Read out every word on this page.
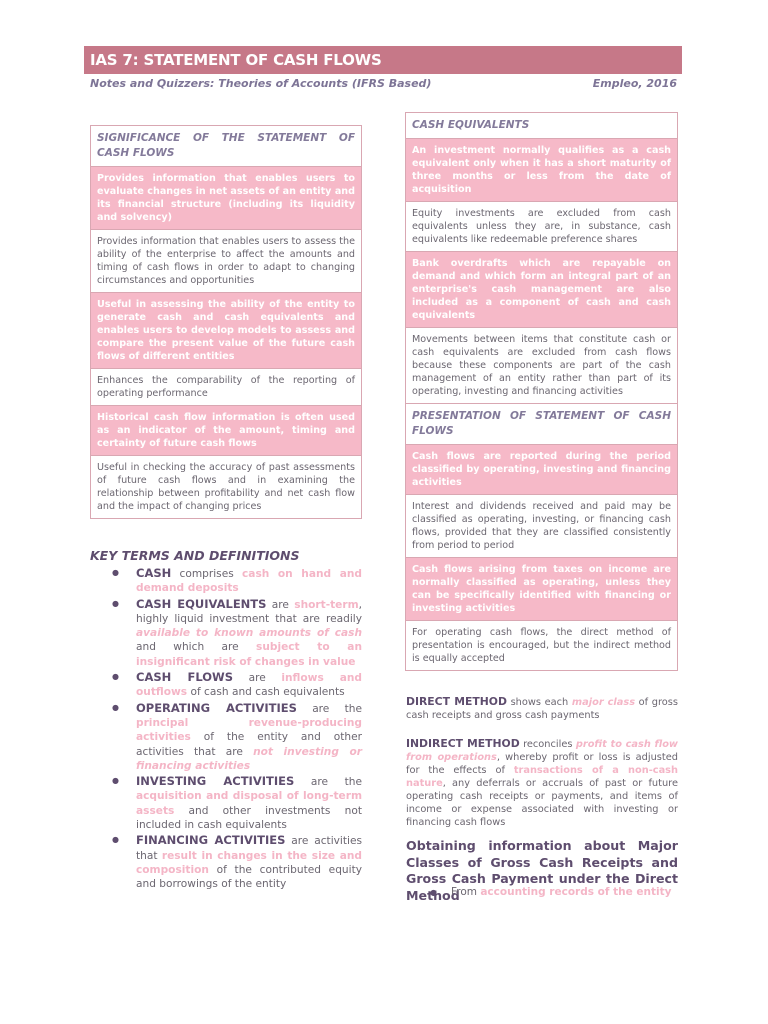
IAS 7: STATEMENT OF CASH FLOWS
Notes and Quizzers: Theories of Accounts (IFRS Based)	Empleo, 2016
SIGNIFICANCE OF THE STATEMENT OF CASH FLOWS
Provides information that enables users to evaluate changes in net assets of an entity and its financial structure (including its liquidity and solvency)
Provides information that enables users to assess the ability of the enterprise to affect the amounts and timing of cash flows in order to adapt to changing circumstances and opportunities
Useful in assessing the ability of the entity to generate cash and cash equivalents and enables users to develop models to assess and compare the present value of the future cash flows of different entities
Enhances the comparability of the reporting of operating performance
Historical cash flow information is often used as an indicator of the amount, timing and certainty of future cash flows
Useful in checking the accuracy of past assessments of future cash flows and in examining the relationship between profitability and net cash flow and the impact of changing prices
CASH EQUIVALENTS
An investment normally qualifies as a cash equivalent only when it has a short maturity of three months or less from the date of acquisition
Equity investments are excluded from cash equivalents unless they are, in substance, cash equivalents like redeemable preference shares
Bank overdrafts which are repayable on demand and which form an integral part of an enterprise's cash management are also included as a component of cash and cash equivalents
Movements between items that constitute cash or cash equivalents are excluded from cash flows because these components are part of the cash management of an entity rather than part of its operating, investing and financing activities
PRESENTATION OF STATEMENT OF CASH FLOWS
Cash flows are reported during the period classified by operating, investing and financing activities
Interest and dividends received and paid may be classified as operating, investing, or financing cash flows, provided that they are classified consistently from period to period
Cash flows arising from taxes on income are normally classified as operating, unless they can be specifically identified with financing or investing activities
For operating cash flows, the direct method of presentation is encouraged, but the indirect method is equally accepted
KEY TERMS AND DEFINITIONS
● CASH comprises cash on hand and demand deposits
● CASH EQUIVALENTS are short-term, highly liquid investment that are readily available to known amounts of cash and which are subject to an insignificant risk of changes in value
● CASH FLOWS are inflows and outflows of cash and cash equivalents
● OPERATING ACTIVITIES are the principal revenue-producing activities of the entity and other activities that are not investing or financing activities
● INVESTING ACTIVITIES are the acquisition and disposal of long-term assets and other investments not included in cash equivalents
● FINANCING ACTIVITIES are activities that result in changes in the size and composition of the contributed equity and borrowings of the entity
DIRECT METHOD shows each major class of gross cash receipts and gross cash payments
INDIRECT METHOD reconciles profit to cash flow from operations, whereby profit or loss is adjusted for the effects of transactions of a non-cash nature, any deferrals or accruals of past or future operating cash receipts or payments, and items of income or expense associated with investing or financing cash flows
Obtaining information about Major Classes of Gross Cash Receipts and Gross Cash Payment under the Direct Method
● From accounting records of the entity
